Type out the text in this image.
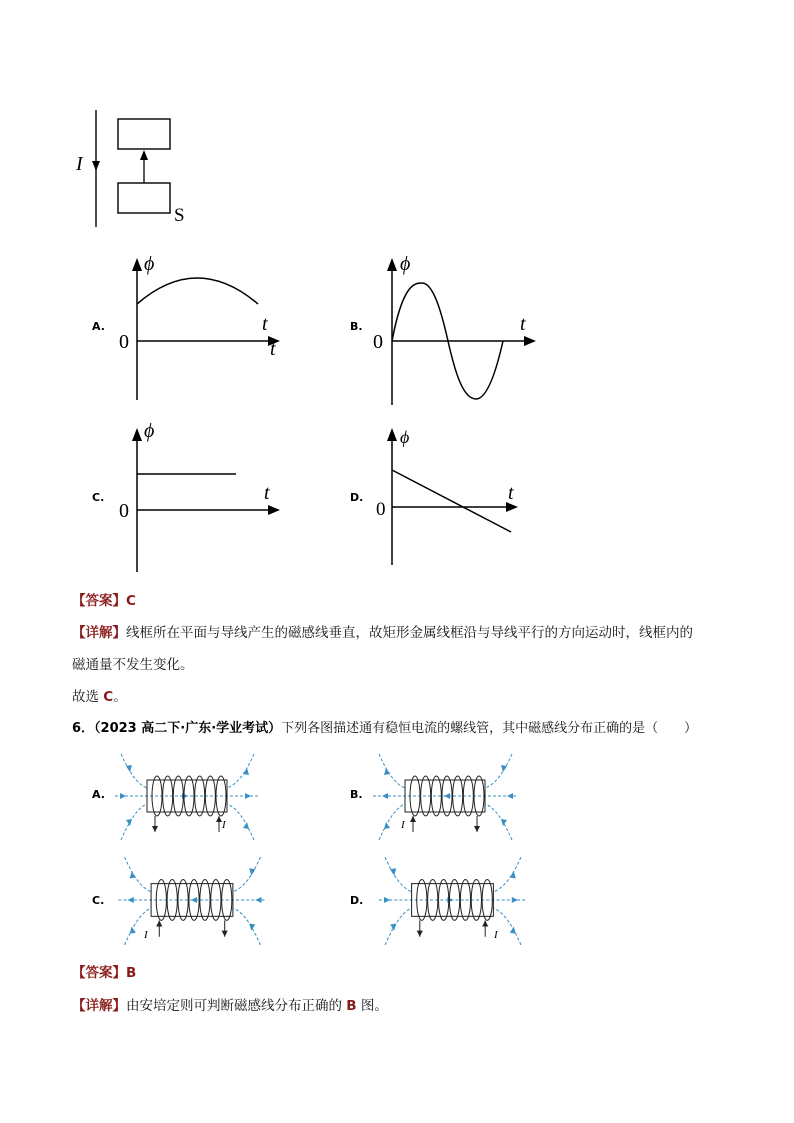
I
S
A.
ϕ
t
t
0
B.
ϕ
t
0
C.
ϕ
t
0
D.
ϕ
t
0
【答案】C
【详解】线框所在平面与导线产生的磁感线垂直，故矩形金属线框沿与导线平行的方向运动时，线框内的
磁通量不发生变化。
故选 C。
6．（2023 高二下·广东·学业考试）下列各图描述通有稳恒电流的螺线管，其中磁感线分布正确的是（　　）
A.
I
B.
I
C.
I
D.
I
【答案】B
【详解】由安培定则可判断磁感线分布正确的 B 图。
